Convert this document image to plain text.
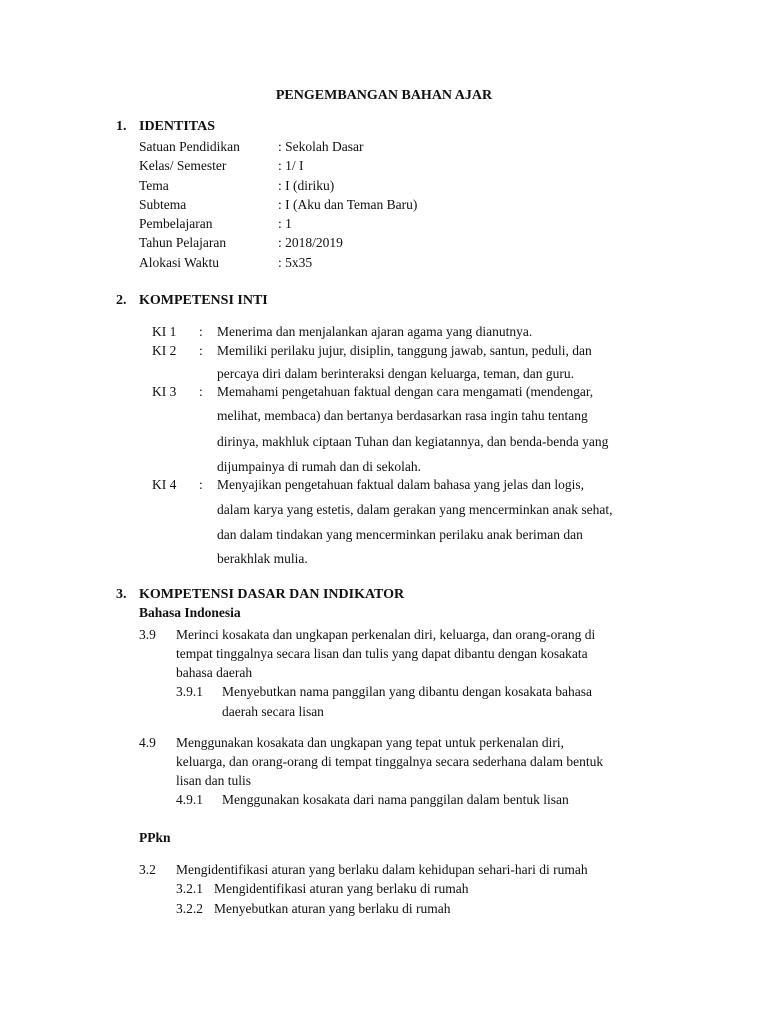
PENGEMBANGAN BAHAN AJAR
1. IDENTITAS
Satuan Pendidikan	: Sekolah Dasar
Kelas/ Semester	: 1/ I
Tema	: I (diriku)
Subtema	: I (Aku dan Teman Baru)
Pembelajaran	: 1
Tahun Pelajaran	: 2018/2019
Alokasi Waktu	: 5x35
2. KOMPETENSI INTI
KI 1 : Menerima dan menjalankan ajaran agama yang dianutnya.
KI 2 : Memiliki perilaku jujur, disiplin, tanggung jawab, santun, peduli, dan
percaya diri dalam berinteraksi dengan keluarga, teman, dan guru.
KI 3 : Memahami pengetahuan faktual dengan cara mengamati (mendengar,
melihat, membaca) dan bertanya berdasarkan rasa ingin tahu tentang
dirinya, makhluk ciptaan Tuhan dan kegiatannya, dan benda-benda yang
dijumpainya di rumah dan di sekolah.
KI 4 : Menyajikan pengetahuan faktual dalam bahasa yang jelas dan logis,
dalam karya yang estetis, dalam gerakan yang mencerminkan anak sehat,
dan dalam tindakan yang mencerminkan perilaku anak beriman dan
berakhlak mulia.
3. KOMPETENSI DASAR DAN INDIKATOR
Bahasa Indonesia
3.9 Merinci kosakata dan ungkapan perkenalan diri, keluarga, dan orang-orang di
tempat tinggalnya secara lisan dan tulis yang dapat dibantu dengan kosakata
bahasa daerah
3.9.1 Menyebutkan nama panggilan yang dibantu dengan kosakata bahasa
daerah secara lisan
4.9 Menggunakan kosakata dan ungkapan yang tepat untuk perkenalan diri,
keluarga, dan orang-orang di tempat tinggalnya secara sederhana dalam bentuk
lisan dan tulis
4.9.1 Menggunakan kosakata dari nama panggilan dalam bentuk lisan
PPkn
3.2 Mengidentifikasi aturan yang berlaku dalam kehidupan sehari-hari di rumah
3.2.1 Mengidentifikasi aturan yang berlaku di rumah
3.2.2 Menyebutkan aturan yang berlaku di rumah
